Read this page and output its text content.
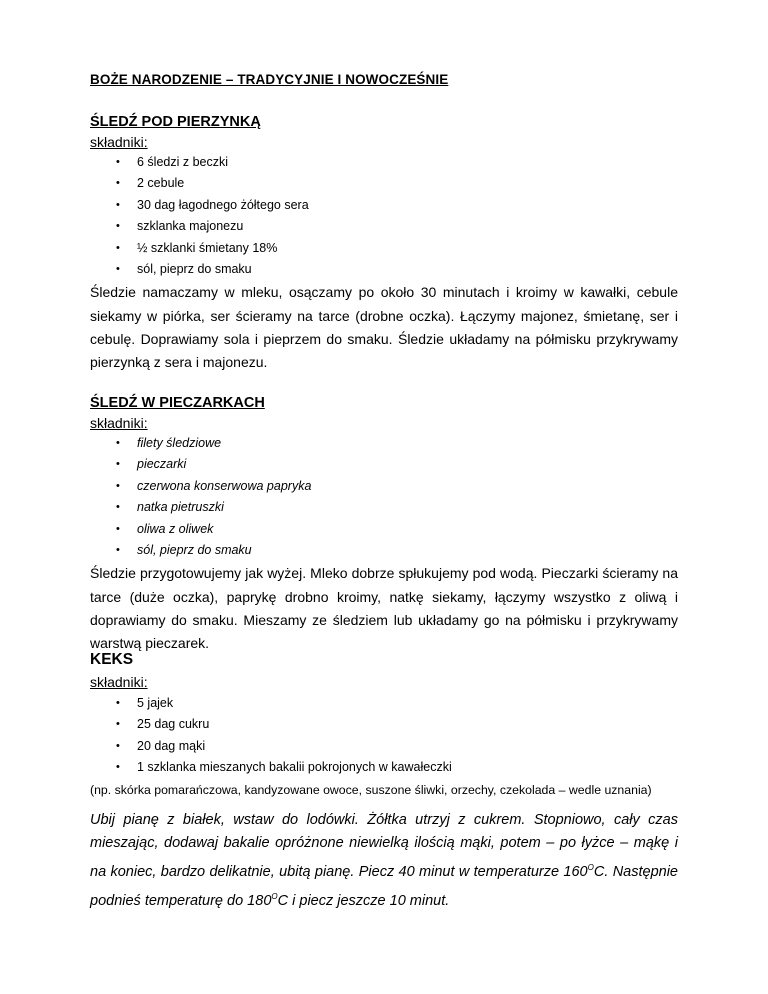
BOŻE NARODZENIE – TRADYCYJNIE I NOWOCZEŚNIE
ŚLEDŹ POD PIERZYNKĄ

składniki:

• 6 śledzi z beczki
• 2 cebule
• 30 dag łagodnego żółtego sera
• szklanka majonezu
• ½ szklanki śmietany 18%
• sól, pieprz do smaku

Śledzie namaczamy w mleku, osączamy po około 30 minutach i kroimy w kawałki, cebule siekamy w piórka, ser ścieramy na tarce (drobne oczka). Łączymy majonez, śmietanę, ser i cebulę. Doprawiamy sola i pieprzem do smaku. Śledzie układamy na półmisku przykrywamy pierzynką z sera i majonezu.

ŚLEDŹ W PIECZARKACH

składniki:

• filety śledziowe
• pieczarki
• czerwona konserwowa papryka
• natka pietruszki
• oliwa z oliwek
• sól, pieprz do smaku

Śledzie przygotowujemy jak wyżej. Mleko dobrze spłukujemy pod wodą. Pieczarki ścieramy na tarce (duże oczka), paprykę drobno kroimy, natkę siekamy, łączymy wszystko z oliwą i doprawiamy do smaku. Mieszamy ze śledziem lub układamy go na półmisku i przykrywamy warstwą pieczarek.

KEKS

składniki:

• 5 jajek
• 25 dag cukru
• 20 dag mąki
• 1 szklanka mieszanych bakalii pokrojonych w kawałeczki

(np. skórka pomarańczowa, kandyzowane owoce, suszone śliwki, orzechy, czekolada – wedle uznania)

Ubij pianę z białek, wstaw do lodówki. Żółtka utrzyj z cukrem. Stopniowo, cały czas mieszając, dodawaj bakalie opróżnone niewielką ilością mąki, potem – po łyżce – mąkę i na koniec, bardzo delikatnie, ubitą pianę. Piecz 40 minut w temperaturze $160^OC$. Następnie podnieś temperaturę do $180^OC$ i piecz jeszcze 10 minut.
